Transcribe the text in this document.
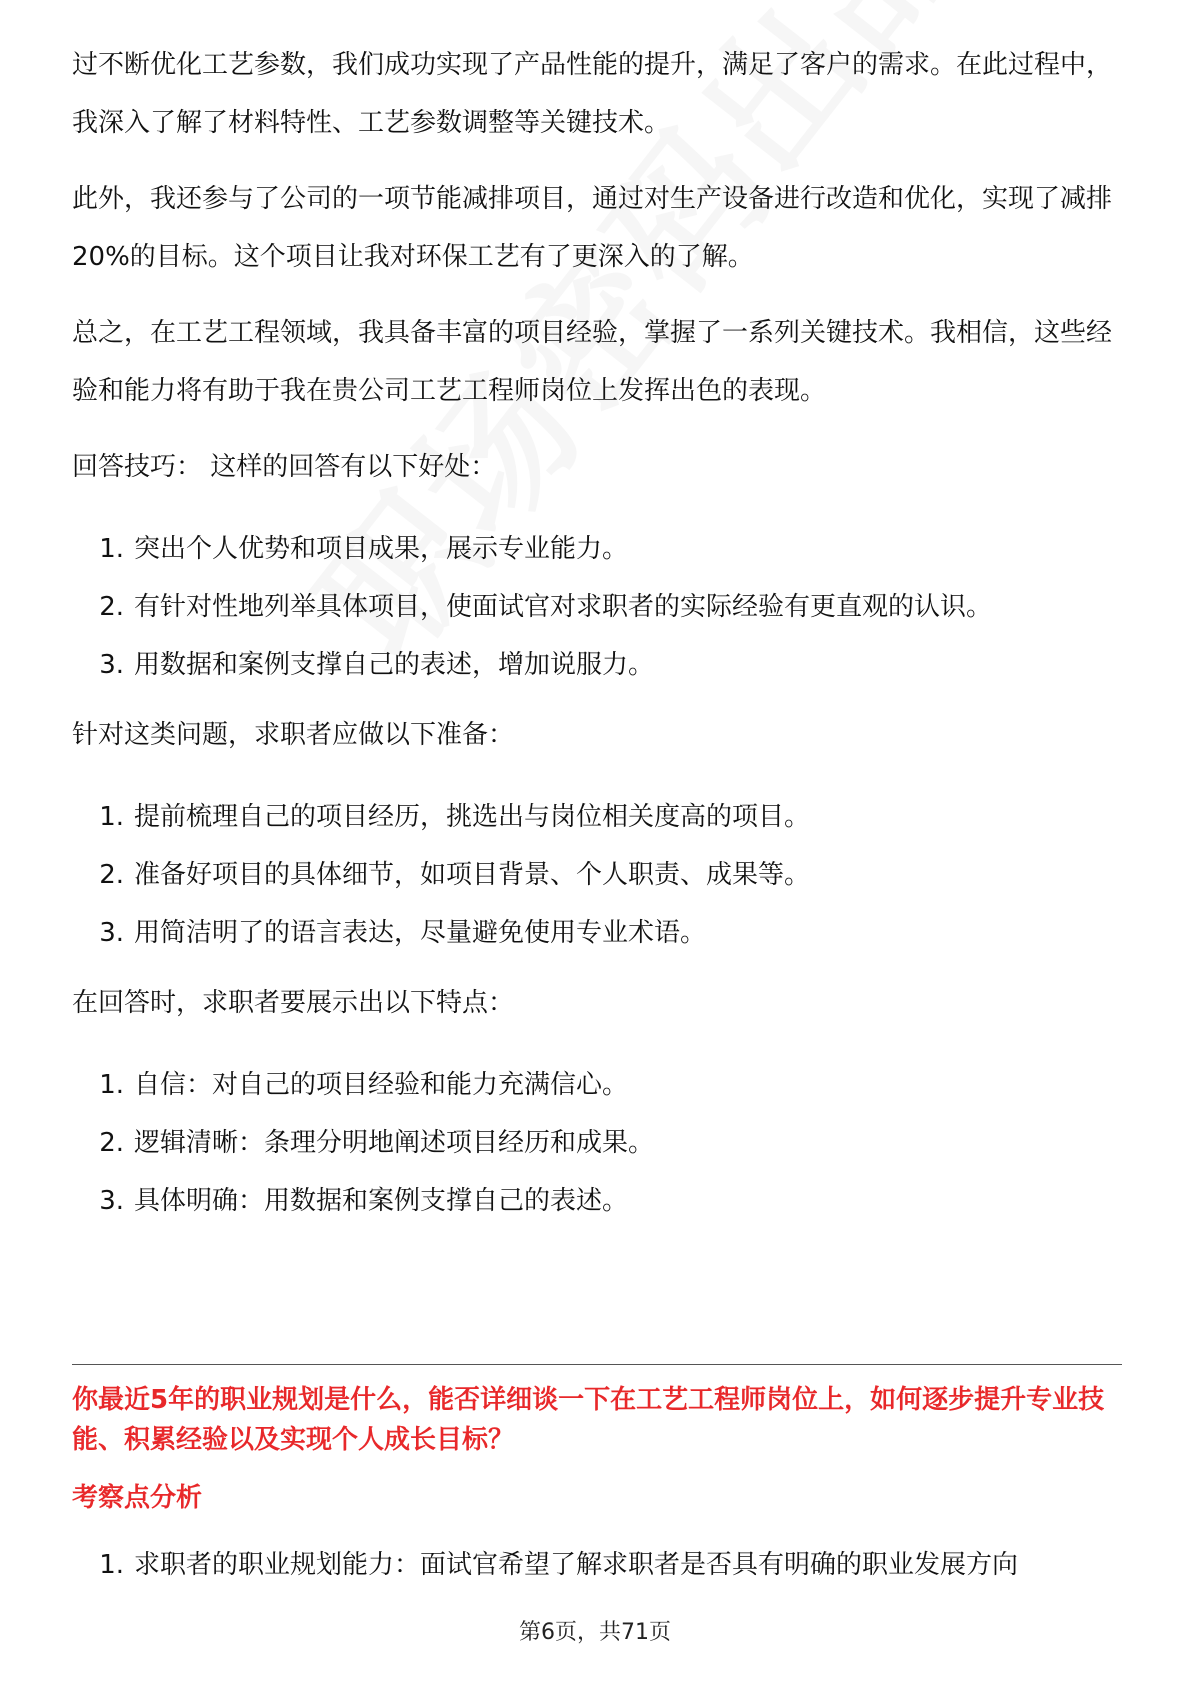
过不断优化工艺参数，我们成功实现了产品性能的提升，满足了客户的需求。在此过程中，我深入了解了材料特性、工艺参数调整等关键技术。

此外，我还参与了公司的一项节能减排项目，通过对生产设备进行改造和优化，实现了减排20%的目标。这个项目让我对环保工艺有了更深入的了解。

总之，在工艺工程领域，我具备丰富的项目经验，掌握了一系列关键技术。我相信，这些经验和能力将有助于我在贵公司工艺工程师岗位上发挥出色的表现。

回答技巧： 这样的回答有以下好处：

1. 突出个人优势和项目成果，展示专业能力。
2. 有针对性地列举具体项目，使面试官对求职者的实际经验有更直观的认识。
3. 用数据和案例支撑自己的表述，增加说服力。

针对这类问题，求职者应做以下准备：

1. 提前梳理自己的项目经历，挑选出与岗位相关度高的项目。
2. 准备好项目的具体细节，如项目背景、个人职责、成果等。
3. 用简洁明了的语言表达，尽量避免使用专业术语。

在回答时，求职者要展示出以下特点：

1. 自信：对自己的项目经验和能力充满信心。
2. 逻辑清晰：条理分明地阐述项目经历和成果。
3. 具体明确：用数据和案例支撑自己的表述。

你最近5年的职业规划是什么，能否详细谈一下在工艺工程师岗位上，如何逐步提升专业技能、积累经验以及实现个人成长目标？

考察点分析

1. 求职者的职业规划能力：面试官希望了解求职者是否具有明确的职业发展方向
第6页，共71页
